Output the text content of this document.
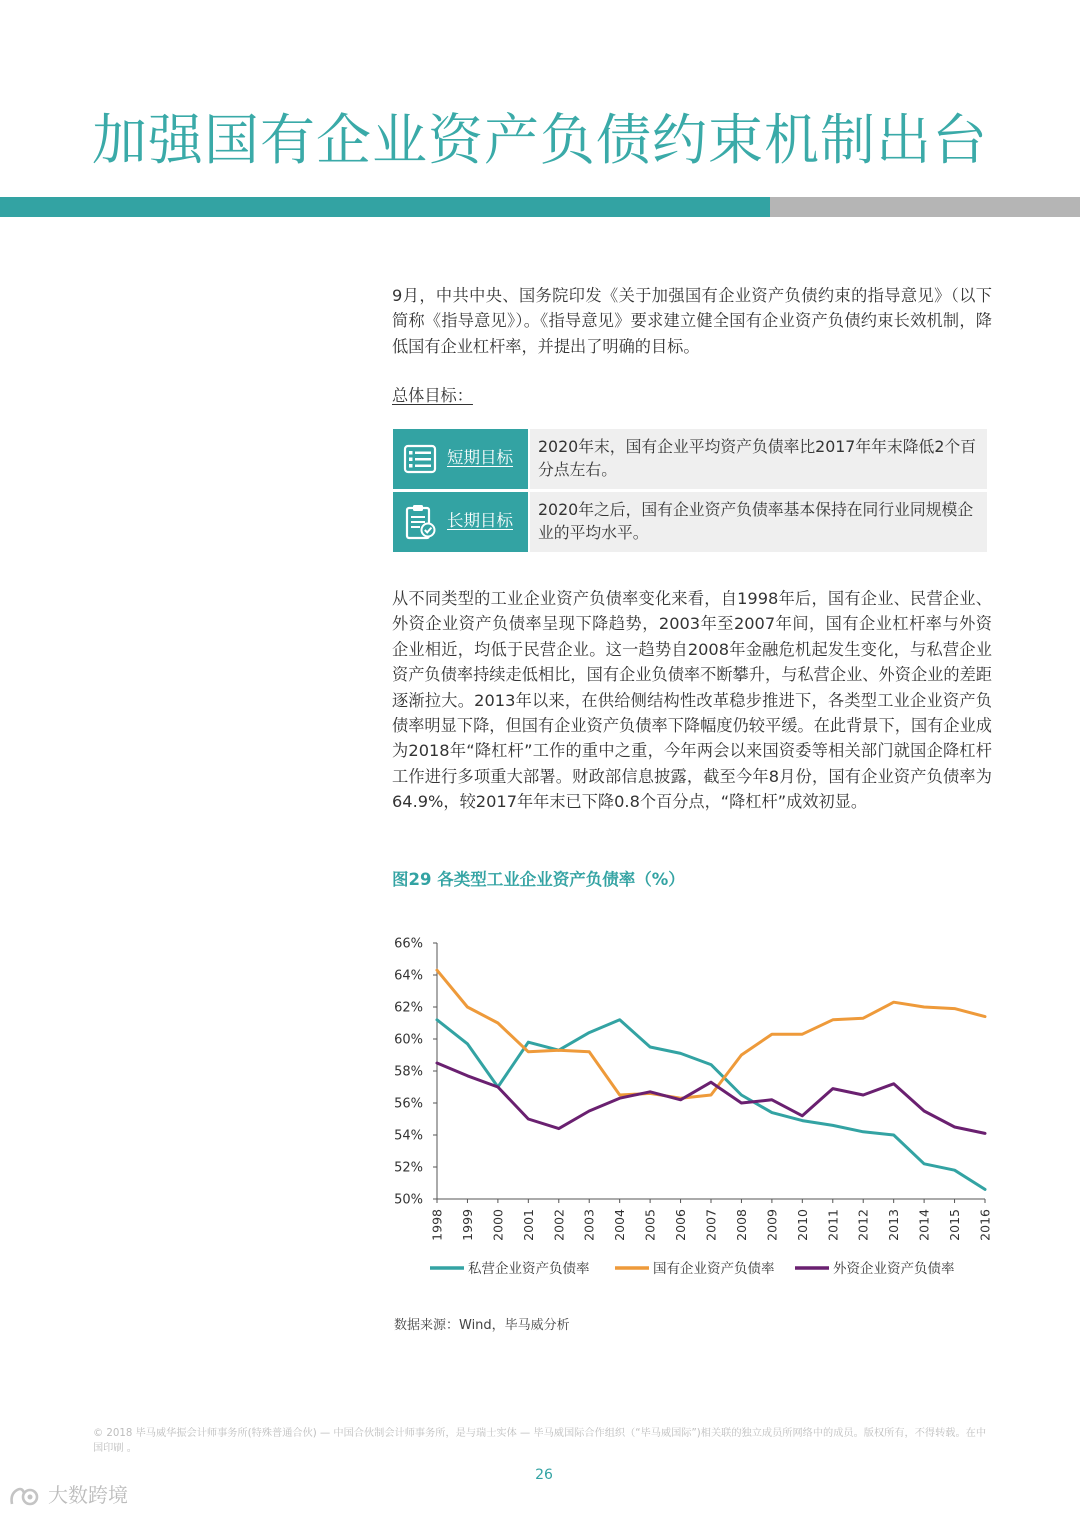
加强国有企业资产负债约束机制出台
9月，中共中央、国务院印发《关于加强国有企业资产负债约束的指导意见》（以下简称《指导意见》）。《指导意见》要求建立健全国有企业资产负债约束长效机制，降低国有企业杠杆率，并提出了明确的目标。
总体目标：
短期目标
2020年末，国有企业平均资产负债率比2017年年末降低2个百分点左右。
长期目标
2020年之后，国有企业资产负债率基本保持在同行业同规模企业的平均水平。
从不同类型的工业企业资产负债率变化来看，自1998年后，国有企业、民营企业、外资企业资产负债率呈现下降趋势，2003年至2007年间，国有企业杠杆率与外资企业相近，均低于民营企业。这一趋势自2008年金融危机起发生变化，与私营企业资产负债率持续走低相比，国有企业负债率不断攀升，与私营企业、外资企业的差距逐渐拉大。2013年以来，在供给侧结构性改革稳步推进下，各类型工业企业资产负债率明显下降，但国有企业资产负债率下降幅度仍较平缓。在此背景下，国有企业成为2018年“降杠杆”工作的重中之重，今年两会以来国资委等相关部门就国企降杠杆工作进行多项重大部署。财政部信息披露，截至今年8月份，国有企业资产负债率为64.9%，较2017年年末已下降0.8个百分点，“降杠杆”成效初显。
图29 各类型工业企业资产负债率（%）
50%
52%
54%
56%
58%
60%
62%
64%
66%
1998 1999 2000 2001 2002 2003 2004 2005 2006 2007 2008 2009 2010 2011 2012 2013 2014 2015 2016
私营企业资产负债率	国有企业资产负债率	外资企业资产负债率
数据来源：Wind，毕马威分析
© 2018 毕马威华振会计师事务所(特殊普通合伙) — 中国合伙制会计师事务所，是与瑞士实体 — 毕马威国际合作组织（“毕马威国际”)相关联的独立成员所网络中的成员。版权所有，不得转载。在中国印刷 。
26
大数跨境
